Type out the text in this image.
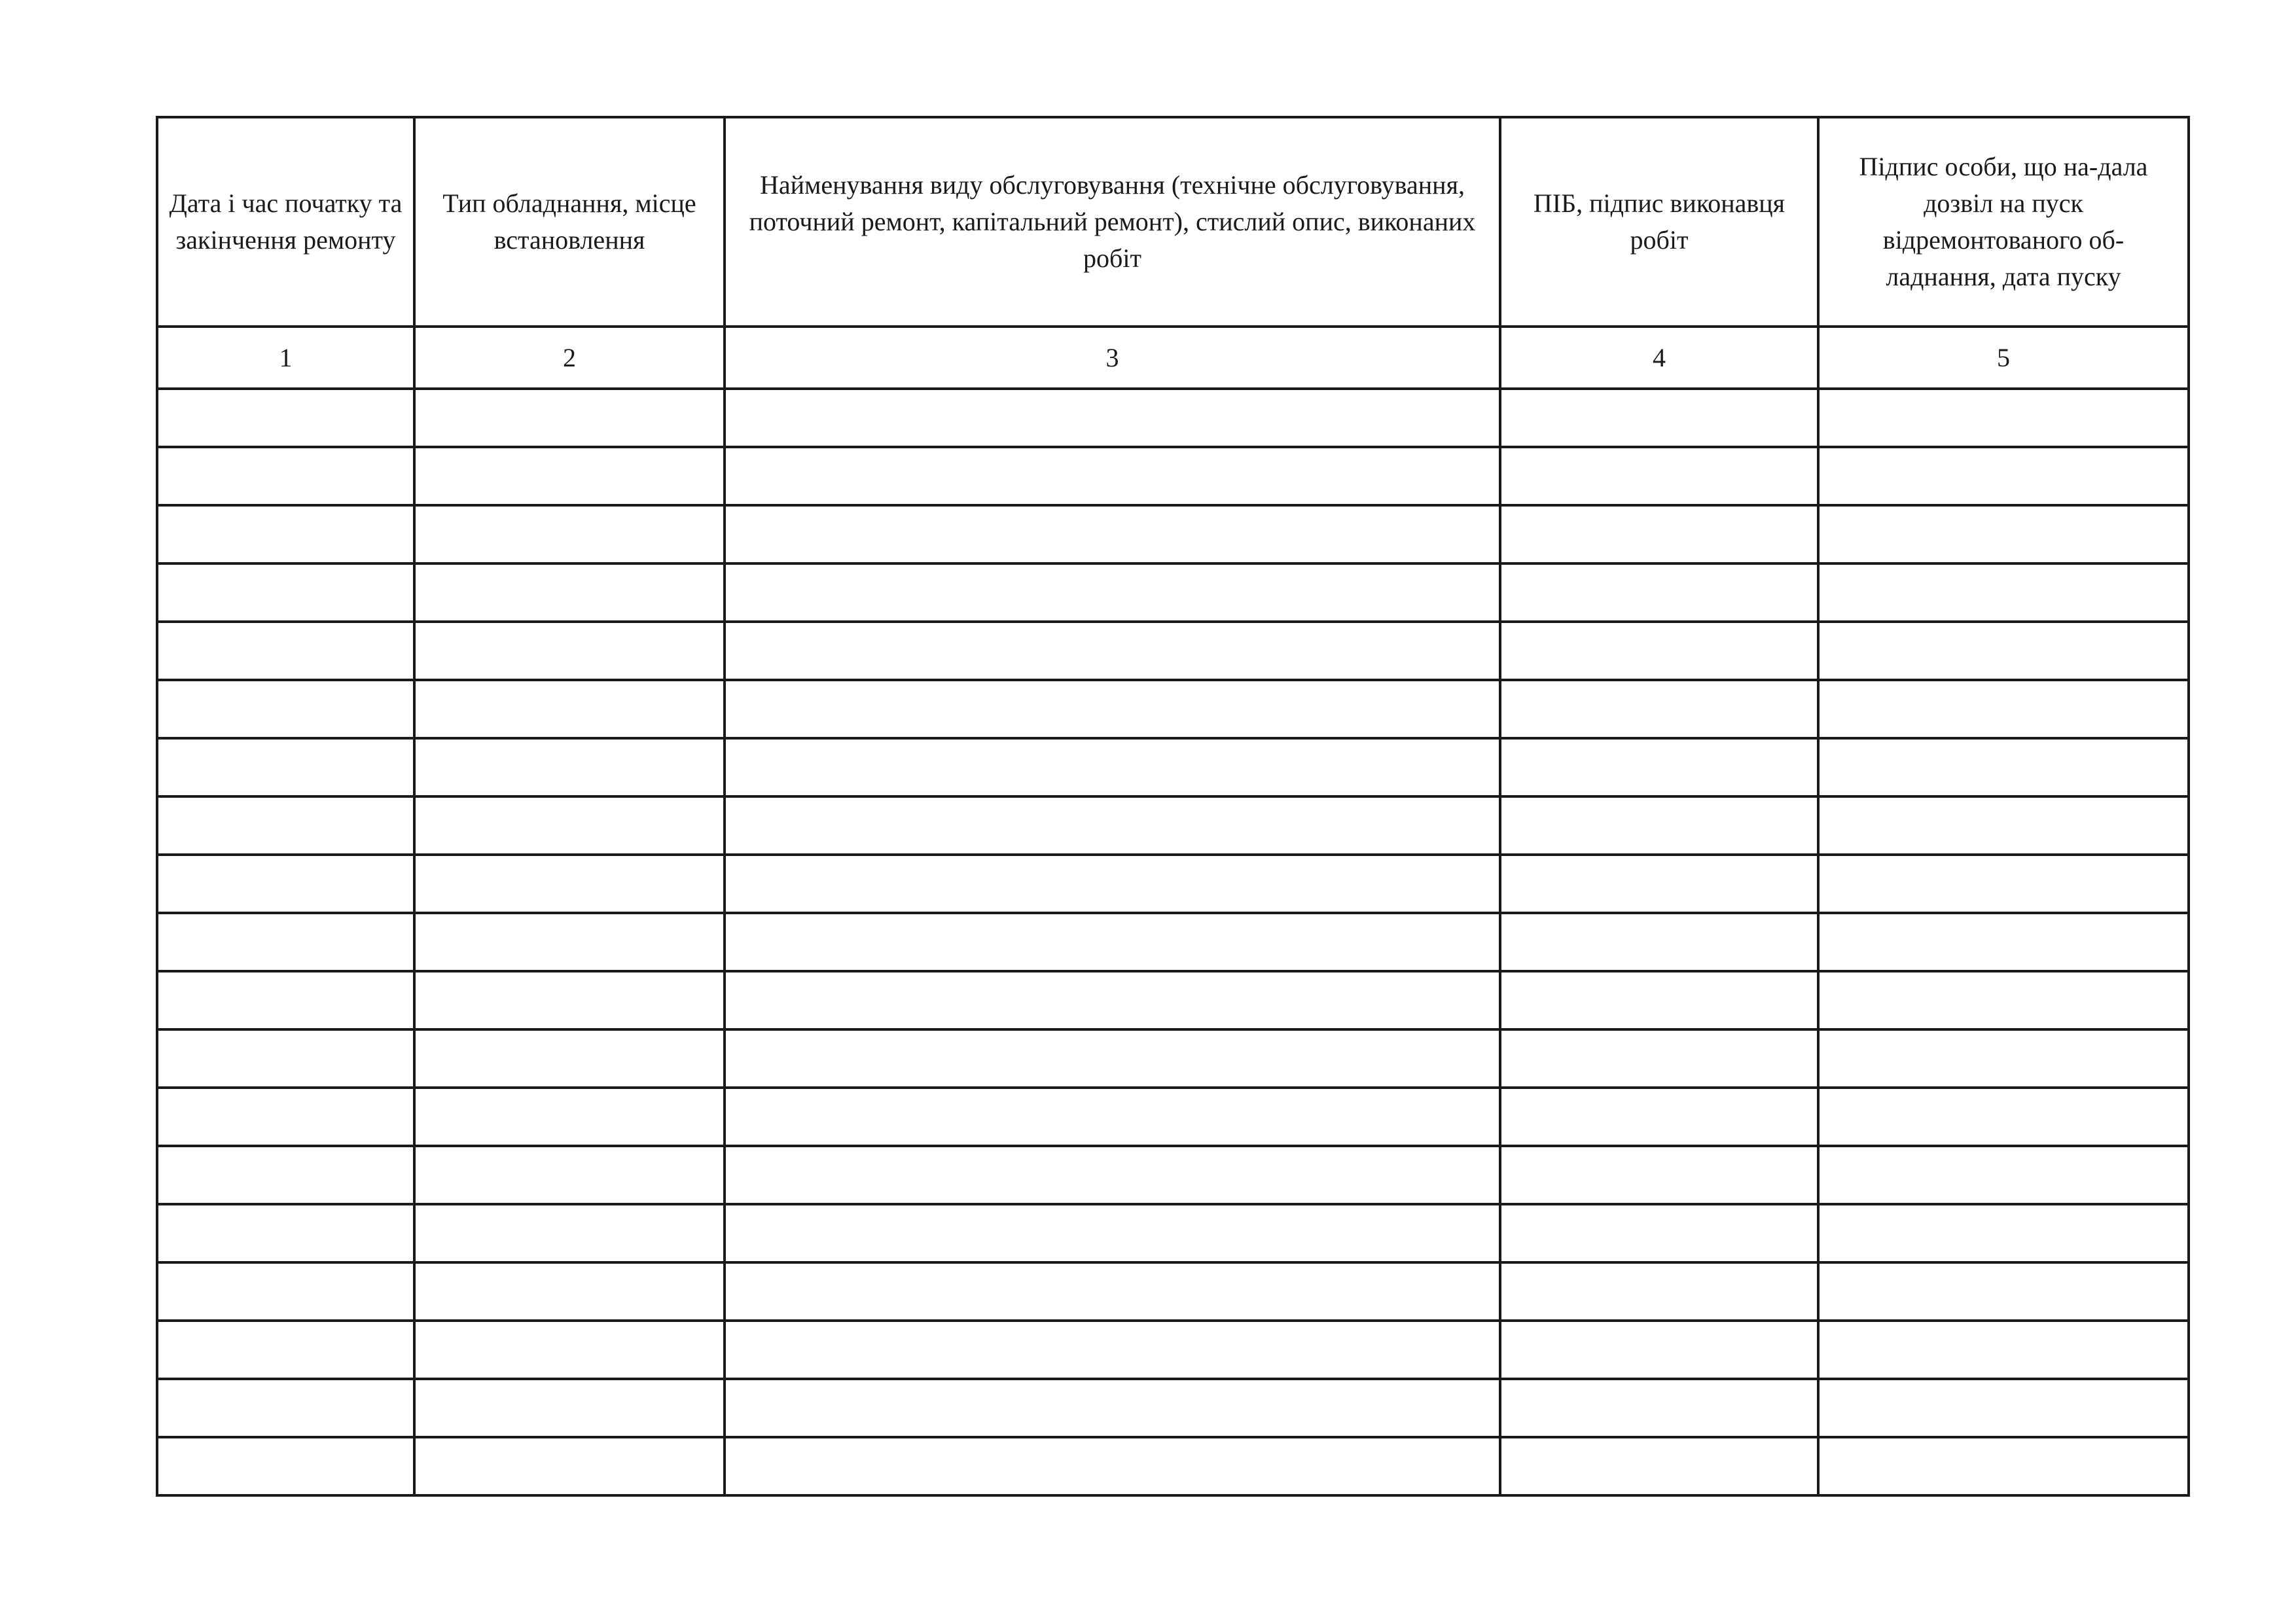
Дата і час початку та закінчення ремонту	Тип обладнання, місце встановлення	Найменування виду обслуговування (технічне обслуговування, поточний ремонт, капітальний ремонт), стислий опис, виконаних робіт	ПІБ, підпис виконавця робіт	Підпис особи, що на-дала дозвіл на пуск відремонтованого об-ладнання, дата пуску

1	2	3	4	5
